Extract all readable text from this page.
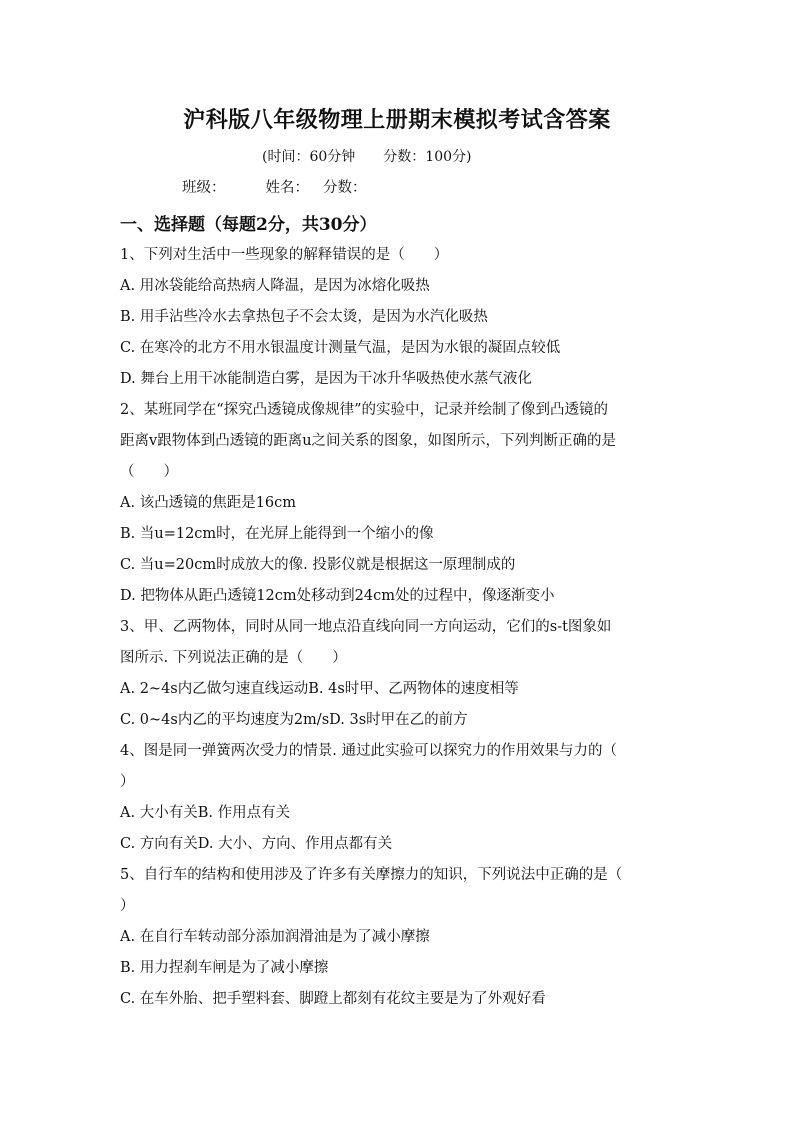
沪科版八年级物理上册期末模拟考试含答案
(时间：60分钟 分数：100分)
班级：	姓名： 分数：
一、选择题（每题2分，共30分）
1、下列对生活中一些现象的解释错误的是（　　）
A. 用冰袋能给高热病人降温，是因为冰熔化吸热
B. 用手沾些冷水去拿热包子不会太烫，是因为水汽化吸热
C. 在寒冷的北方不用水银温度计测量气温，是因为水银的凝固点较低
D. 舞台上用干冰能制造白雾，是因为干冰升华吸热使水蒸气液化
2、某班同学在“探究凸透镜成像规律”的实验中，记录并绘制了像到凸透镜的
距离v跟物体到凸透镜的距离u之间关系的图象，如图所示，下列判断正确的是
（　　）
A. 该凸透镜的焦距是16cm
B. 当u=12cm时，在光屏上能得到一个缩小的像
C. 当u=20cm时成放大的像. 投影仪就是根据这一原理制成的
D. 把物体从距凸透镜12cm处移动到24cm处的过程中，像逐渐变小
3、甲、乙两物体，同时从同一地点沿直线向同一方向运动，它们的s-t图象如
图所示. 下列说法正确的是（　　）
A. 2~4s内乙做匀速直线运动B. 4s时甲、乙两物体的速度相等
C. 0~4s内乙的平均速度为2m/sD. 3s时甲在乙的前方
4、图是同一弹簧两次受力的情景. 通过此实验可以探究力的作用效果与力的（
）
A. 大小有关B. 作用点有关
C. 方向有关D. 大小、方向、作用点都有关
5、自行车的结构和使用涉及了许多有关摩擦力的知识，下列说法中正确的是（
）
A. 在自行车转动部分添加润滑油是为了减小摩擦
B. 用力捏刹车闸是为了减小摩擦
C. 在车外胎、把手塑料套、脚蹬上都刻有花纹主要是为了外观好看
